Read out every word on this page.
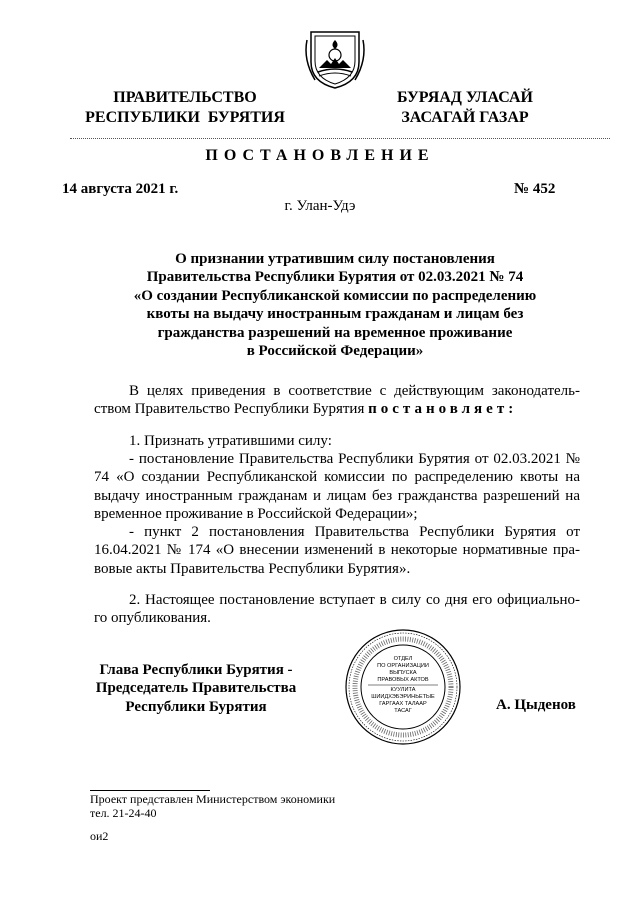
ПРАВИТЕЛЬСТВО
РЕСПУБЛИКИ  БУРЯТИЯ
БУРЯАД УЛАСАЙ
ЗАСАГАЙ ГАЗАР
ПОСТАНОВЛЕНИЕ
14 августа 2021 г.	№ 452
г. Улан-Удэ
О признании утратившим силу постановления
Правительства Республики Бурятия от 02.03.2021 № 74
«О создании Республиканской комиссии по распределению
квоты на выдачу иностранным гражданам и лицам без
гражданства разрешений на временное проживание
в Российской Федерации»
В целях приведения в соответствие с действующим законодатель-ством Правительство Республики Бурятия постановляет:
1. Признать утратившими силу:
- постановление Правительства Республики Бурятия от 02.03.2021 № 74 «О создании Республиканской комиссии по распределению квоты на выдачу иностранным гражданам и лицам без гражданства разрешений на временное проживание в Российской Федерации»;
- пункт 2 постановления Правительства Республики Бурятия от 16.04.2021 № 174 «О внесении изменений в некоторые нормативные пра-вовые акты Правительства Республики Бурятия».
2. Настоящее постановление вступает в силу со дня его официально-го опубликования.
Глава Республики Бурятия -
Председатель Правительства
Республики Бурятия
ОТДЕЛ
ПО ОРГАНИЗАЦИИ
ВЫПУСКА
ПРАВОВЫХ АКТОВ
КУУЛИТА
ШИИДХЭБЭРИНЬЕТЫЕ
ГАРГААХ ТАЛААР
ТАСАГ	А. Цыденов
Проект представлен Министерством экономики
тел. 21-24-40
ои2
